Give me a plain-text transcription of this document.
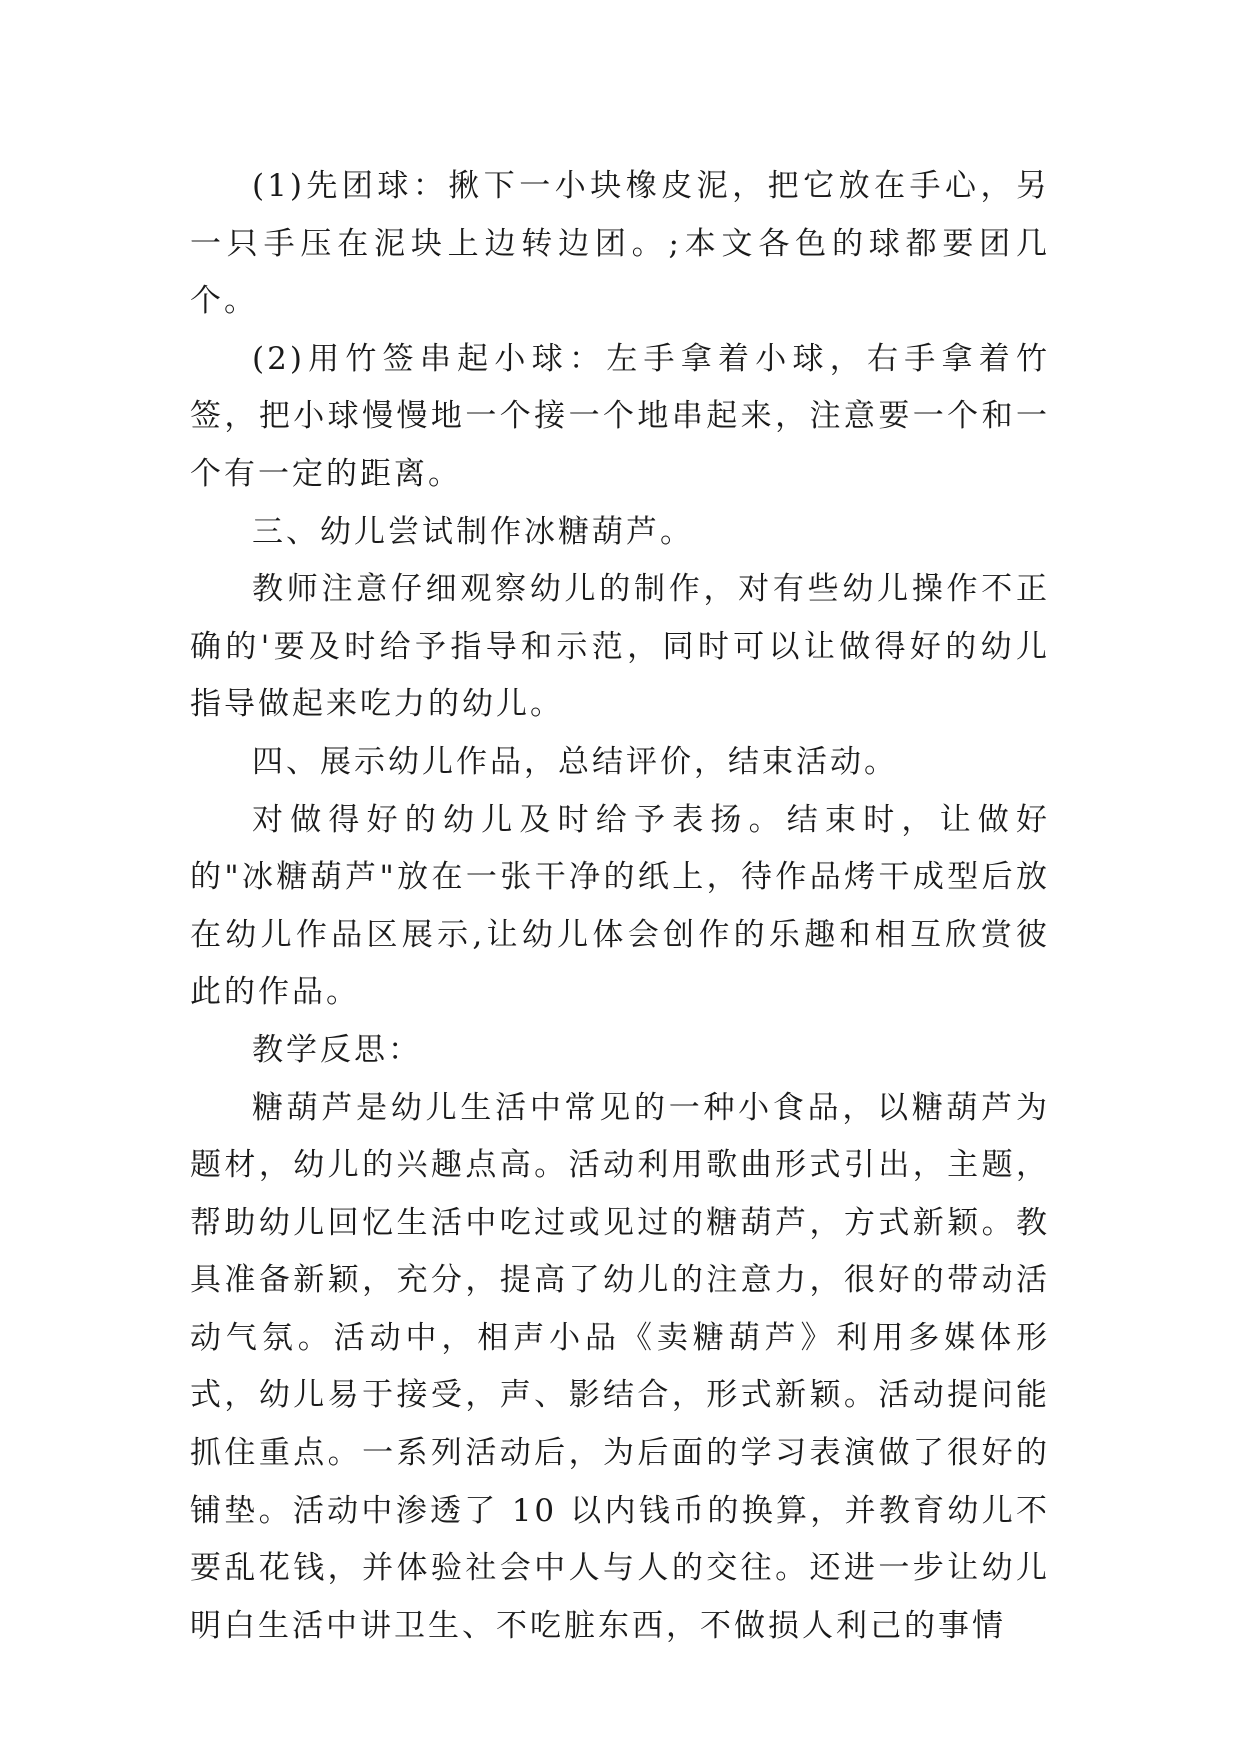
(1)先团球：揪下一小块橡皮泥，把它放在手心，另一只手压在泥块上边转边团。;本文各色的球都要团几个。

(2)用竹签串起小球：左手拿着小球，右手拿着竹签，把小球慢慢地一个接一个地串起来，注意要一个和一个有一定的距离。

三、幼儿尝试制作冰糖葫芦。

教师注意仔细观察幼儿的制作，对有些幼儿操作不正确的'要及时给予指导和示范，同时可以让做得好的幼儿指导做起来吃力的幼儿。

四、展示幼儿作品，总结评价，结束活动。

对做得好的幼儿及时给予表扬。结束时，让做好的"冰糖葫芦"放在一张干净的纸上，待作品烤干成型后放在幼儿作品区展示,让幼儿体会创作的乐趣和相互欣赏彼此的作品。

教学反思：

糖葫芦是幼儿生活中常见的一种小食品，以糖葫芦为题材，幼儿的兴趣点高。活动利用歌曲形式引出，主题，帮助幼儿回忆生活中吃过或见过的糖葫芦，方式新颖。教具准备新颖，充分，提高了幼儿的注意力，很好的带动活动气氛。活动中，相声小品《卖糖葫芦》利用多媒体形式，幼儿易于接受，声、影结合，形式新颖。活动提问能抓住重点。一系列活动后，为后面的学习表演做了很好的铺垫。活动中渗透了 10 以内钱币的换算，并教育幼儿不要乱花钱，并体验社会中人与人的交往。还进一步让幼儿明白生活中讲卫生、不吃脏东西，不做损人利己的事情
